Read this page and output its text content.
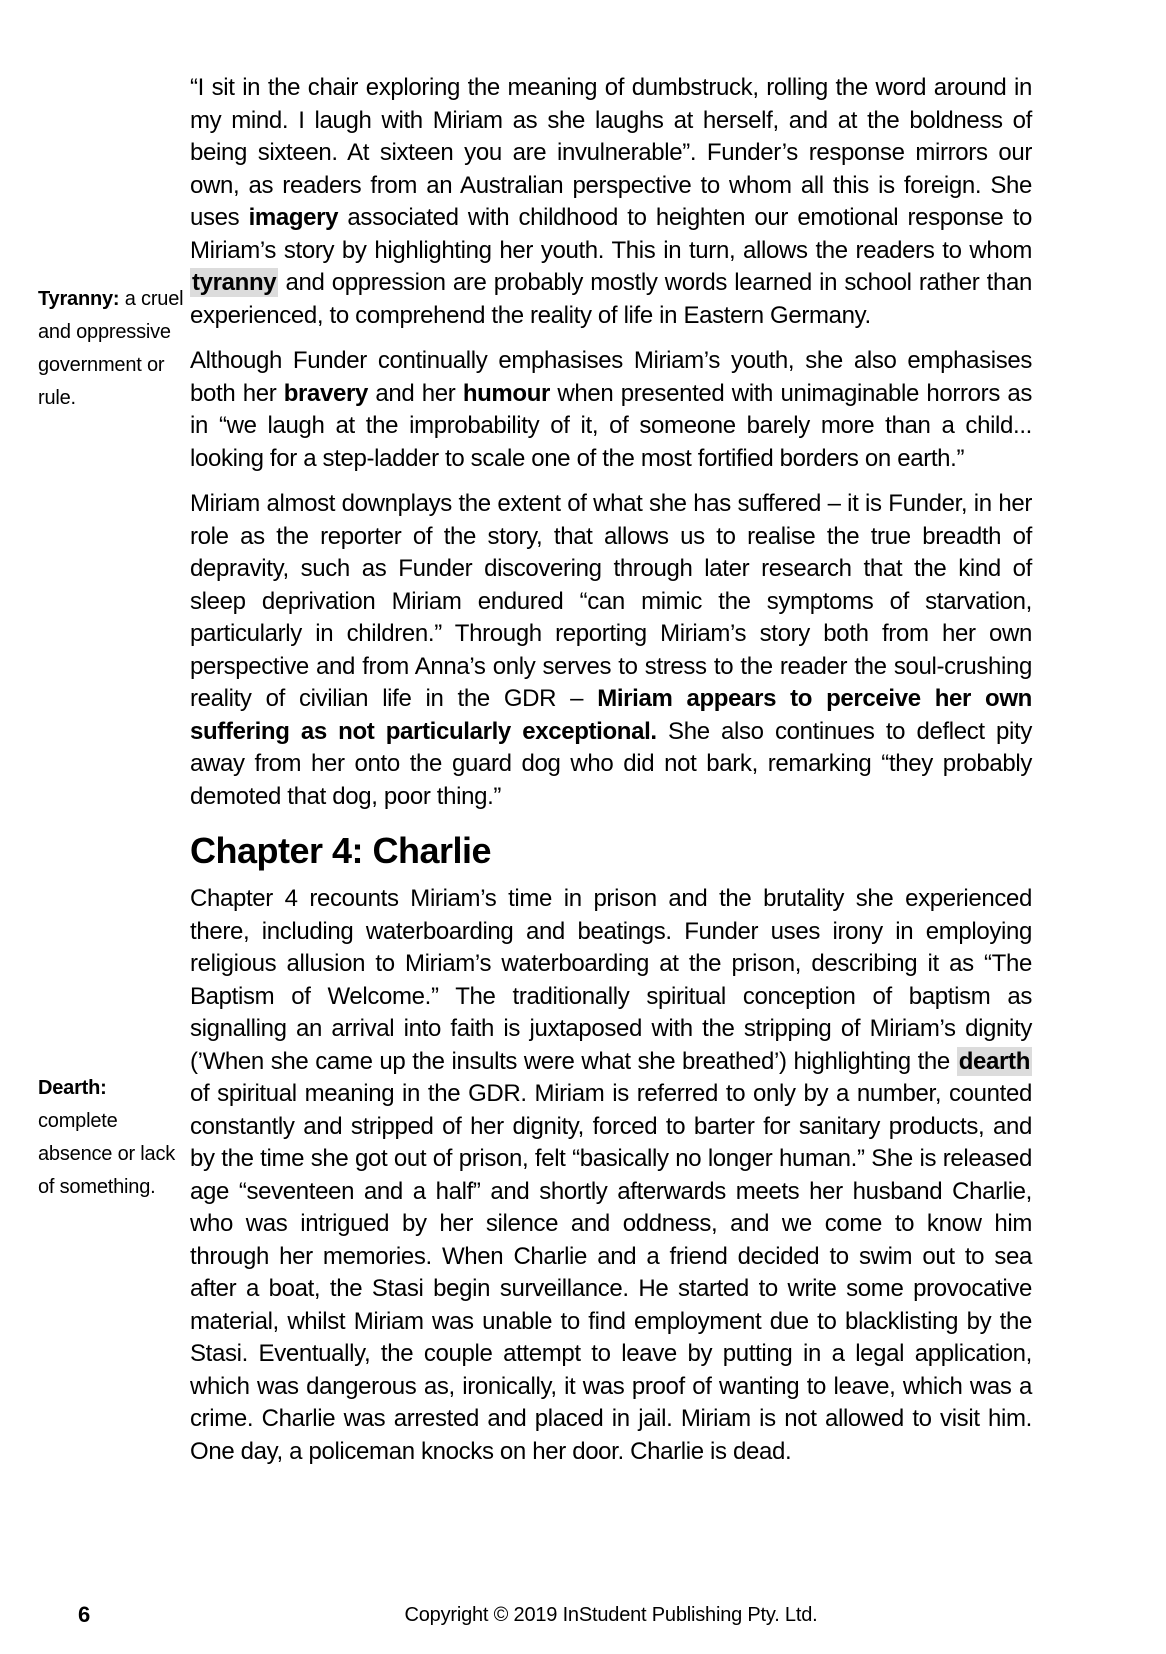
Tyranny: a cruel and oppressive government or rule.
Dearth: complete absence or lack of something.

“I sit in the chair exploring the meaning of dumbstruck, rolling the word around in my mind. I laugh with Miriam as she laughs at herself, and at the boldness of being sixteen. At sixteen you are invulnerable”. Funder’s response mirrors our own, as readers from an Australian perspective to whom all this is foreign. She uses imagery associated with childhood to heighten our emotional response to Miriam’s story by highlighting her youth. This in turn, allows the readers to whom tyranny and oppression are probably mostly words learned in school rather than experienced, to comprehend the reality of life in Eastern Germany.

Although Funder continually emphasises Miriam’s youth, she also emphasises both her bravery and her humour when presented with unimaginable horrors as in “we laugh at the improbability of it, of someone barely more than a child... looking for a step-ladder to scale one of the most fortified borders on earth.”

Miriam almost downplays the extent of what she has suffered – it is Funder, in her role as the reporter of the story, that allows us to realise the true breadth of depravity, such as Funder discovering through later research that the kind of sleep deprivation Miriam endured “can mimic the symptoms of starvation, particularly in children.” Through reporting Miriam’s story both from her own perspective and from Anna’s only serves to stress to the reader the soul-crushing reality of civilian life in the GDR – Miriam appears to perceive her own suffering as not particularly exceptional. She also continues to deflect pity away from her onto the guard dog who did not bark, remarking “they probably demoted that dog, poor thing.”

Chapter 4: Charlie

Chapter 4 recounts Miriam’s time in prison and the brutality she experienced there, including waterboarding and beatings. Funder uses irony in employing religious allusion to Miriam’s waterboarding at the prison, describing it as “The Baptism of Welcome.” The traditionally spiritual conception of baptism as signalling an arrival into faith is juxtaposed with the stripping of Miriam’s dignity (’When she came up the insults were what she breathed’) highlighting the dearth of spiritual meaning in the GDR. Miriam is referred to only by a number, counted constantly and stripped of her dignity, forced to barter for sanitary products, and by the time she got out of prison, felt “basically no longer human.” She is released age “seventeen and a half” and shortly afterwards meets her husband Charlie, who was intrigued by her silence and oddness, and we come to know him through her memories. When Charlie and a friend decided to swim out to sea after a boat, the Stasi begin surveillance. He started to write some provocative material, whilst Miriam was unable to find employment due to blacklisting by the Stasi. Eventually, the couple attempt to leave by putting in a legal application, which was dangerous as, ironically, it was proof of wanting to leave, which was a crime. Charlie was arrested and placed in jail. Miriam is not allowed to visit him. One day, a policeman knocks on her door. Charlie is dead.

6	Copyright © 2019 InStudent Publishing Pty. Ltd.
